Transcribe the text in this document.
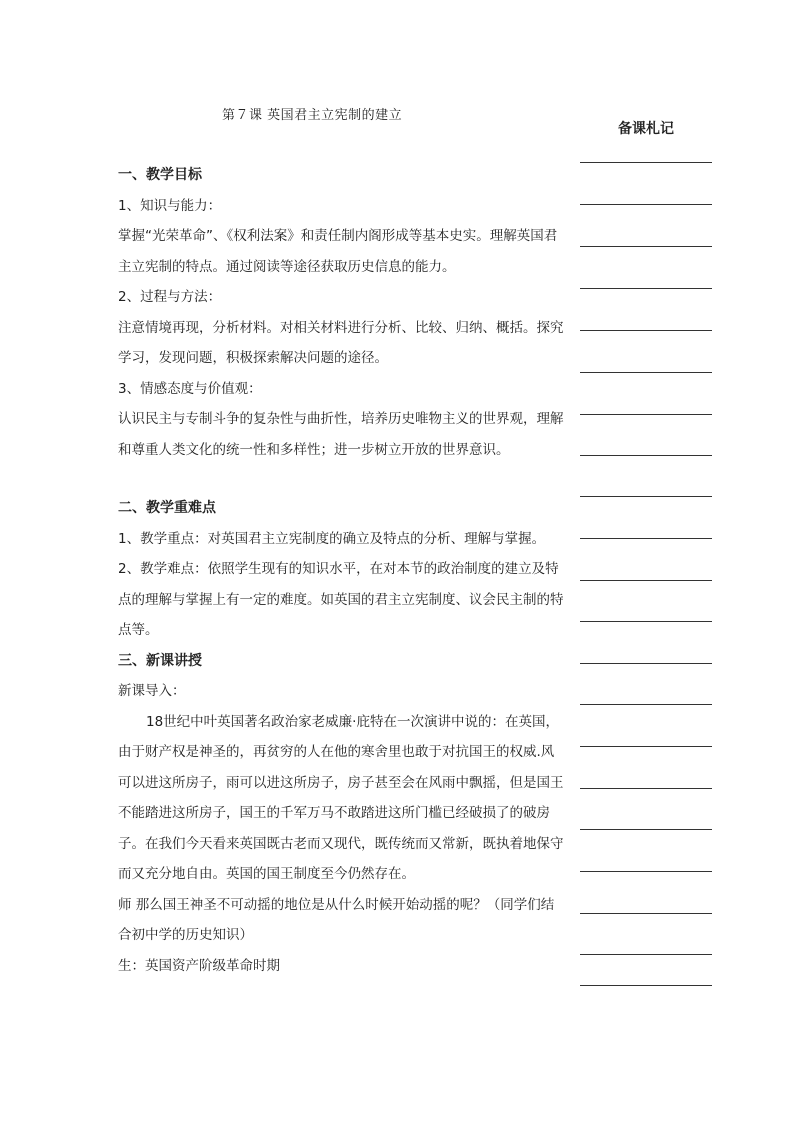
第７课 英国君主立宪制的建立
备课札记

一、教学目标

1、知识与能力：

掌握“光荣革命”、《权利法案》和责任制内阁形成等基本史实。理解英国君主立宪制的特点。通过阅读等途径获取历史信息的能力。

2、过程与方法：

注意情境再现，分析材料。对相关材料进行分析、比较、归纳、概括。探究学习，发现问题，积极探索解决问题的途径。

3、情感态度与价值观：

认识民主与专制斗争的复杂性与曲折性，培养历史唯物主义的世界观，理解和尊重人类文化的统一性和多样性；进一步树立开放的世界意识。

二、教学重难点

1、教学重点：对英国君主立宪制度的确立及特点的分析、理解与掌握。

2、教学难点：依照学生现有的知识水平，在对本节的政治制度的建立及特点的理解与掌握上有一定的难度。如英国的君主立宪制度、议会民主制的特点等。

三、新课讲授

新课导入：

18世纪中叶英国著名政治家老威廉·庇特在一次演讲中说的：在英国，由于财产权是神圣的，再贫穷的人在他的寒舍里也敢于对抗国王的权威.风可以进这所房子，雨可以进这所房子，房子甚至会在风雨中飘摇，但是国王不能踏进这所房子，国王的千军万马不敢踏进这所门槛已经破损了的破房子。在我们今天看来英国既古老而又现代，既传统而又常新，既执着地保守而又充分地自由。英国的国王制度至今仍然存在。

师 那么国王神圣不可动摇的地位是从什么时候开始动摇的呢？（同学们结合初中学的历史知识）

生：英国资产阶级革命时期
